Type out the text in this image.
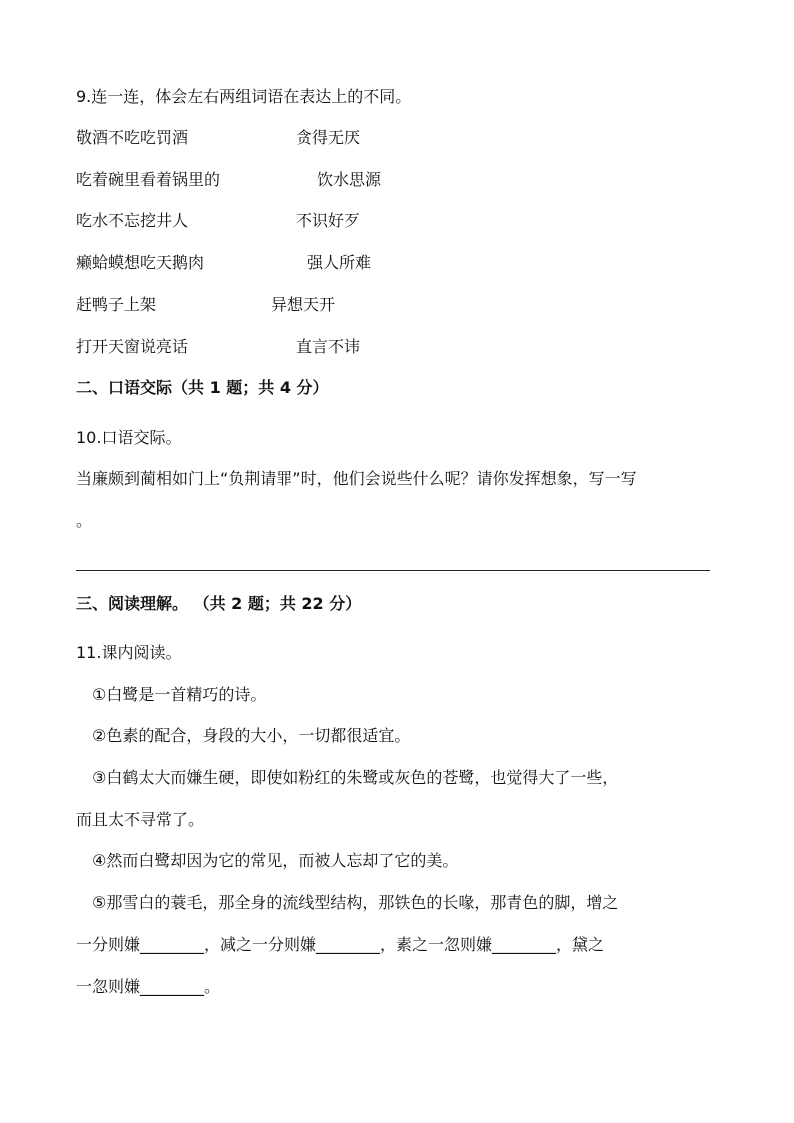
9.连一连，体会左右两组词语在表达上的不同。
敬酒不吃吃罚酒	贪得无厌
吃着碗里看着锅里的	饮水思源
吃水不忘挖井人	不识好歹
癞蛤蟆想吃天鹅肉	强人所难
赶鸭子上架	异想天开
打开天窗说亮话	直言不讳
二、口语交际（共 1 题；共 4 分）
10.口语交际。
当廉颇到蔺相如门上“负荆请罪”时，他们会说些什么呢？请你发挥想象，写一写
。
三、阅读理解。 （共 2 题；共 22 分）
11.课内阅读。
①白鹭是一首精巧的诗。
②色素的配合，身段的大小，一切都很适宜。
③白鹤太大而嫌生硬，即使如粉红的朱鹭或灰色的苍鹭，也觉得大了一些，
而且太不寻常了。
④然而白鹭却因为它的常见，而被人忘却了它的美。
⑤那雪白的蓑毛，那全身的流线型结构，那铁色的长喙，那青色的脚，增之
一分则嫌________，减之一分则嫌________，素之一忽则嫌________，黛之
一忽则嫌________。
